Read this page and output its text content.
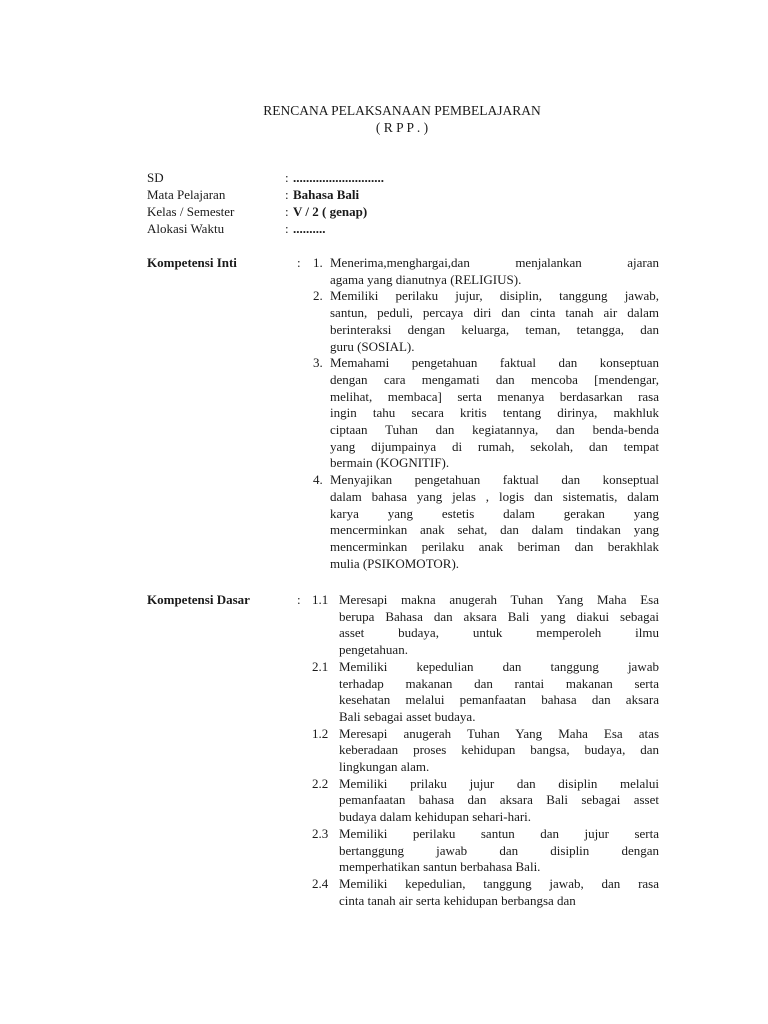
RENCANA PELAKSANAAN PEMBELAJARAN
( R P P . )
SD	: ............................
Mata Pelajaran	: Bahasa Bali
Kelas / Semester	: V / 2 ( genap)
Alokasi Waktu	: ..........
Kompetensi Inti	: 1. Menerima,menghargai,dan menjalankan ajaran
agama yang dianutnya (RELIGIUS).
2. Memiliki perilaku jujur, disiplin, tanggung jawab,
santun, peduli, percaya diri dan cinta tanah air dalam
berinteraksi dengan keluarga, teman, tetangga, dan
guru (SOSIAL).
3. Memahami pengetahuan faktual dan konseptuan
dengan cara mengamati dan mencoba [mendengar,
melihat, membaca] serta menanya berdasarkan rasa
ingin tahu secara kritis tentang dirinya, makhluk
ciptaan Tuhan dan kegiatannya, dan benda-benda
yang dijumpainya di rumah, sekolah, dan tempat
bermain (KOGNITIF).
4. Menyajikan pengetahuan faktual dan konseptual
dalam bahasa yang jelas , logis dan sistematis, dalam
karya yang estetis dalam gerakan yang
mencerminkan anak sehat, dan dalam tindakan yang
mencerminkan perilaku anak beriman dan berakhlak
mulia (PSIKOMOTOR).
Kompetensi Dasar	: 1.1 Meresapi makna anugerah Tuhan Yang Maha Esa
berupa Bahasa dan aksara Bali yang diakui sebagai
asset budaya, untuk memperoleh ilmu
pengetahuan.
2.1 Memiliki kepedulian dan tanggung jawab
terhadap makanan dan rantai makanan serta
kesehatan melalui pemanfaatan bahasa dan aksara
Bali sebagai asset budaya.
1.2 Meresapi anugerah Tuhan Yang Maha Esa atas
keberadaan proses kehidupan bangsa, budaya, dan
lingkungan alam.
2.2 Memiliki prilaku jujur dan disiplin melalui
pemanfaatan bahasa dan aksara Bali sebagai asset
budaya dalam kehidupan sehari-hari.
2.3 Memiliki perilaku santun dan jujur serta
bertanggung jawab dan disiplin dengan
memperhatikan santun berbahasa Bali.
2.4 Memiliki kepedulian, tanggung jawab, dan rasa
cinta tanah air serta kehidupan berbangsa dan
